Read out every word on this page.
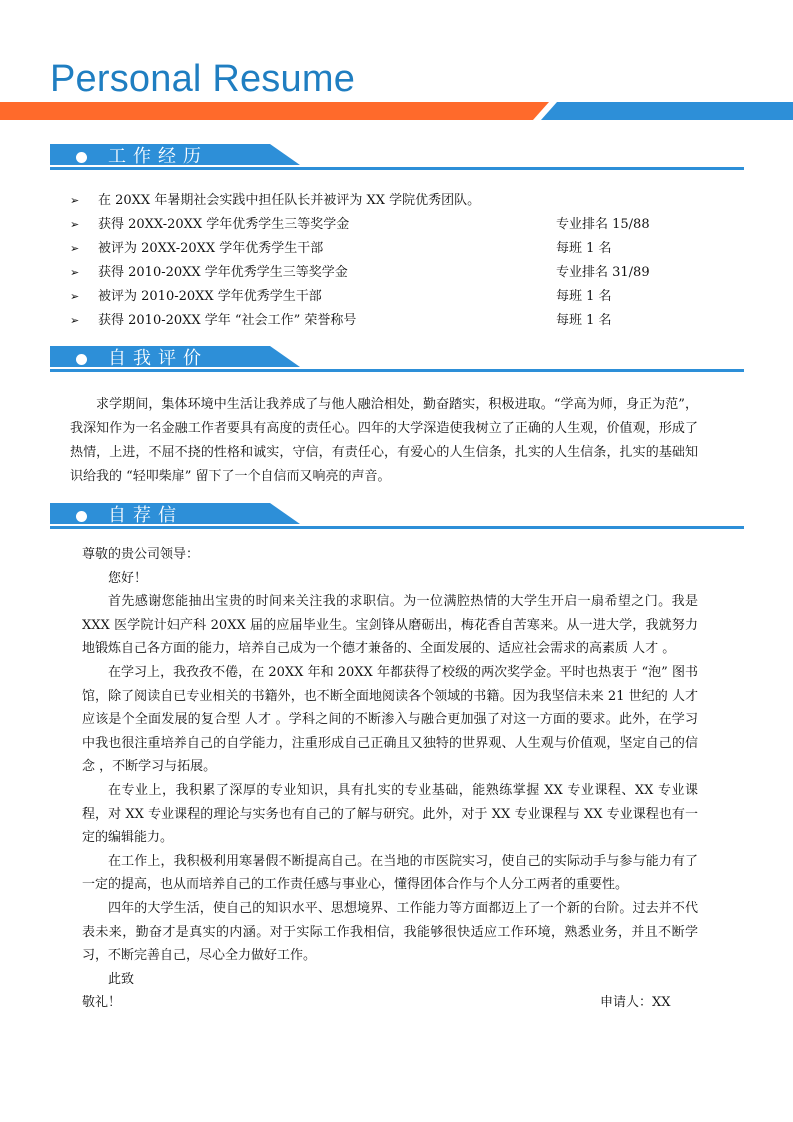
Personal Resume
工作经历
➢ 在 20XX 年暑期社会实践中担任队长并被评为 XX 学院优秀团队。
➢ 获得 20XX-20XX 学年优秀学生三等奖学金	专业排名 15/88
➢ 被评为 20XX-20XX 学年优秀学生干部	每班 1 名
➢ 获得 2010-20XX 学年优秀学生三等奖学金	专业排名 31/89
➢ 被评为 2010-20XX 学年优秀学生干部	每班 1 名
➢ 获得 2010-20XX 学年 “社会工作” 荣誉称号	每班 1 名
自我评价

求学期间，集体环境中生活让我养成了与他人融洽相处，勤奋踏实，积极进取。“学高为师，身正为范”，我深知作为一名金融工作者要具有高度的责任心。四年的大学深造使我树立了正确的人生观，价值观，形成了热情，上进，不屈不挠的性格和诚实，守信，有责任心，有爱心的人生信条，扎实的人生信条，扎实的基础知识给我的 “轻叩柴扉” 留下了一个自信而又响亮的声音。

自荐信

尊敬的贵公司领导：

您好！

首先感谢您能抽出宝贵的时间来关注我的求职信。为一位满腔热情的大学生开启一扇希望之门。我是 XXX 医学院计妇产科 20XX 届的应届毕业生。宝剑锋从磨砺出，梅花香自苦寒来。从一进大学，我就努力地锻炼自己各方面的能力，培养自己成为一个德才兼备的、全面发展的、适应社会需求的高素质 人才 。

在学习上，我孜孜不倦，在 20XX 年和 20XX 年都获得了校级的两次奖学金。平时也热衷于 “泡” 图书馆，除了阅读自已专业相关的书籍外，也不断全面地阅读各个领域的书籍。因为我坚信未来 21 世纪的 人才 应该是个全面发展的复合型 人才 。学科之间的不断渗入与融合更加强了对这一方面的要求。此外，在学习中我也很注重培养自己的自学能力，注重形成自己正确且又独特的世界观、人生观与价值观，坚定自己的信念 ，不断学习与拓展。

在专业上，我积累了深厚的专业知识，具有扎实的专业基础，能熟练掌握 XX 专业课程、XX 专业课程，对 XX 专业课程的理论与实务也有自己的了解与研究。此外，对于 XX 专业课程与 XX 专业课程也有一定的编辑能力。

在工作上，我积极利用寒暑假不断提高自己。在当地的市医院实习，使自己的实际动手与参与能力有了一定的提高，也从而培养自己的工作责任感与事业心，懂得团体合作与个人分工两者的重要性。

四年的大学生活，使自己的知识水平、思想境界、工作能力等方面都迈上了一个新的台阶。过去并不代表未来，勤奋才是真实的内涵。对于实际工作我相信，我能够很快适应工作环境，熟悉业务，并且不断学习，不断完善自己，尽心全力做好工作。

此致

敬礼！	申请人：XX
